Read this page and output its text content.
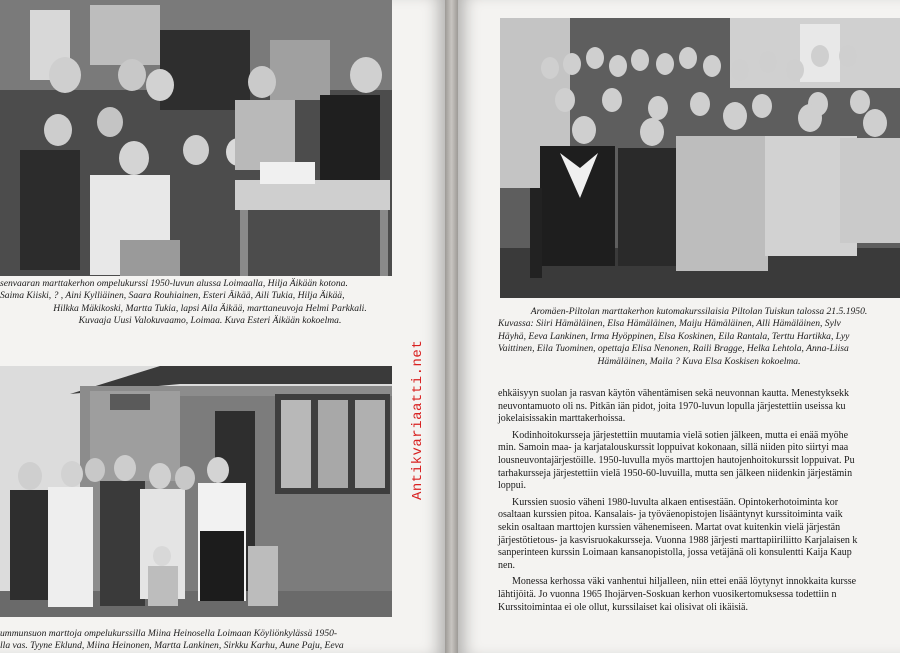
senvaaran marttakerhon ompelukurssi 1950-luvun alussa Loimaalla, Hilja Äikään kotona.
Saima Kiiski, ? , Aini Kylliäinen, Saara Rouhiainen, Esteri Äikää, Aili Tukia, Hilja Äikää,
Hilkka Mäkikoski, Martta Tukia, lapsi Aila Äikää, marttaneuvoja Helmi Parkkali.
Kuvaaja Uusi Valokuvaamo, Loimaa. Kuva Esteri Äikään kokoelma.
ummunsuon marttoja ompelukurssilla Miina Heinosella Loimaan Köyliönkylässä 1950-
lla vas. Tyyne Eklund, Miina Heinonen, Martta Lankinen, Sirkku Karhu, Aune Paju, Eeva
Antikvariaatti.net
Aromäen-Piltolan marttakerhon kutomakurssilaisia Piltolan Tuiskun talossa 21.5.1950.
Kuvassa: Siiri Hämäläinen, Elsa Hämäläinen, Maiju Hämäläinen, Alli Hämäläinen, Sylv
Häyhä, Eeva Lankinen, Irma Hyöppinen, Elsa Koskinen, Eila Rantala, Terttu Hartikka, Lyy
Vaittinen, Eila Tuominen, opettaja Elisa Nenonen, Raili Bragge, Helka Lehtola, Anna-Liisa
Hämäläinen, Maila ? Kuva Elsa Koskisen kokoelma.

ehkäisyyn suolan ja rasvan käytön vähentämisen sekä neuvonnan kautta. Menestyksekk
neuvontamuoto oli ns. Pitkän iän pidot, joita 1970-luvun lopulla järjestettiin useissa ku
jokelaisissakin marttakerhoissa.

Kodinhoitokursseja järjestettiin muutamia vielä sotien jälkeen, mutta ei enää myöhe
min. Samoin maa- ja karjatalouskurssit loppuivat kokonaan, sillä niiden pito siirtyi maa
lousneuvontajärjestöille. 1950-luvulla myös marttojen hautojenhoitokurssit loppuivat. Pu
tarhakursseja järjestettiin vielä 1950-60-luvuilla, mutta sen jälkeen niidenkin järjestämin
loppui.

Kurssien suosio väheni 1980-luvulta alkaen entisestään. Opintokerhotoiminta kor
osaltaan kurssien pitoa. Kansalais- ja työväenopistojen lisääntynyt kurssitoiminta vaik
sekin osaltaan marttojen kurssien vähenemiseen. Martat ovat kuitenkin vielä järjestän
järjestötietous- ja kasvisruokakursseja. Vuonna 1988 järjesti marttapiiriliitto Karjalaisen k
sanperinteen kurssin Loimaan kansanopistolla, jossa vetäjänä oli konsulentti Kaija Kaup
nen.

Monessa kerhossa väki vanhentui hiljalleen, niin ettei enää löytynyt innokkaita kursse
lähtijöitä. Jo vuonna 1965 Ihojärven-Soskuan kerhon vuosikertomuksessa todettiin n
Kurssitoimintaa ei ole ollut, kurssilaiset kai olisivat oli ikäisiä.
